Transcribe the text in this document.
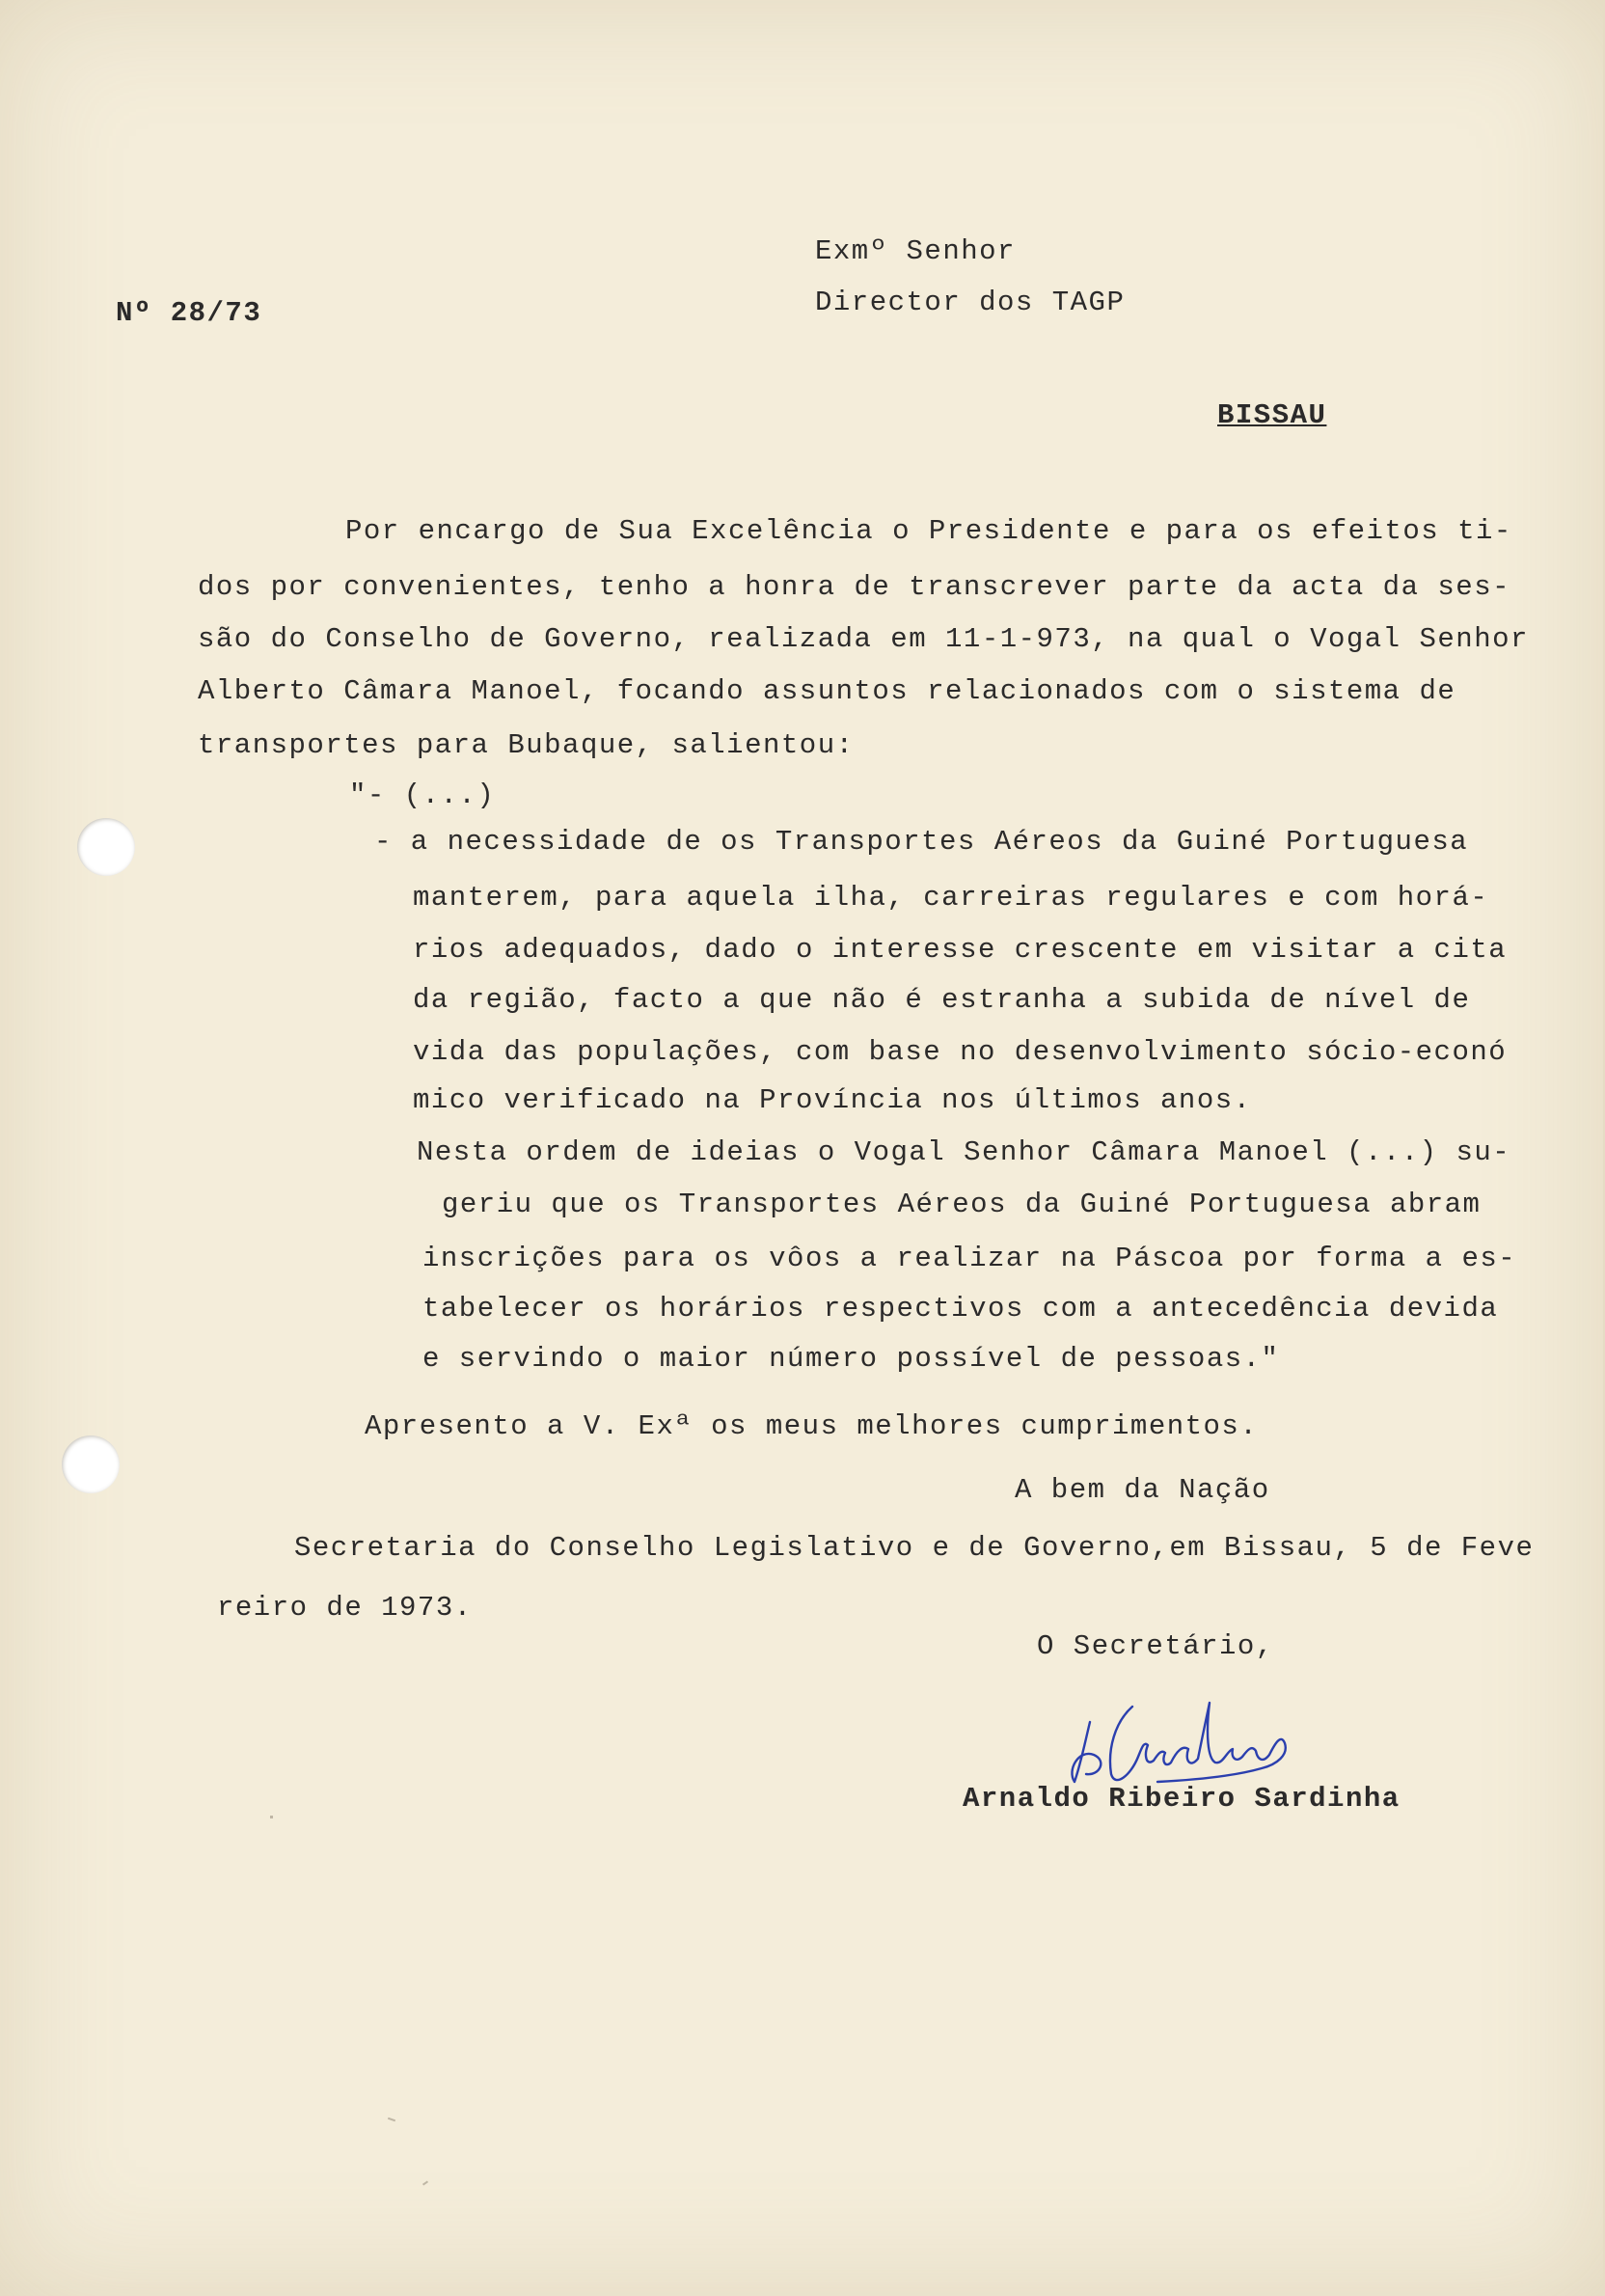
Nº 28/73
Exmº Senhor
Director dos TAGP
BISSAU
Por encargo de Sua Excelência o Presidente e para os efeitos ti-
dos por convenientes, tenho a honra de transcrever parte da acta da ses-
são do Conselho de Governo, realizada em 11-1-973, na qual o Vogal Senhor
Alberto Câmara Manoel, focando assuntos relacionados com o sistema de
transportes para Bubaque, salientou:
"- (...)
- a necessidade de os Transportes Aéreos da Guiné Portuguesa
manterem, para aquela ilha, carreiras regulares e com horá-
rios adequados, dado o interesse crescente em visitar a cita
da região, facto a que não é estranha a subida de nível de
vida das populações, com base no desenvolvimento sócio-econó
mico verificado na Província nos últimos anos.
Nesta ordem de ideias o Vogal Senhor Câmara Manoel (...) su-
geriu que os Transportes Aéreos da Guiné Portuguesa abram
inscrições para os vôos a realizar na Páscoa por forma a es-
tabelecer os horários respectivos com a antecedência devida
e servindo o maior número possível de pessoas."
Apresento a V. Exª os meus melhores cumprimentos.
A bem da Nação
Secretaria do Conselho Legislativo e de Governo,em Bissau, 5 de Feve
reiro de 1973.
O Secretário,
Arnaldo Ribeiro Sardinha
